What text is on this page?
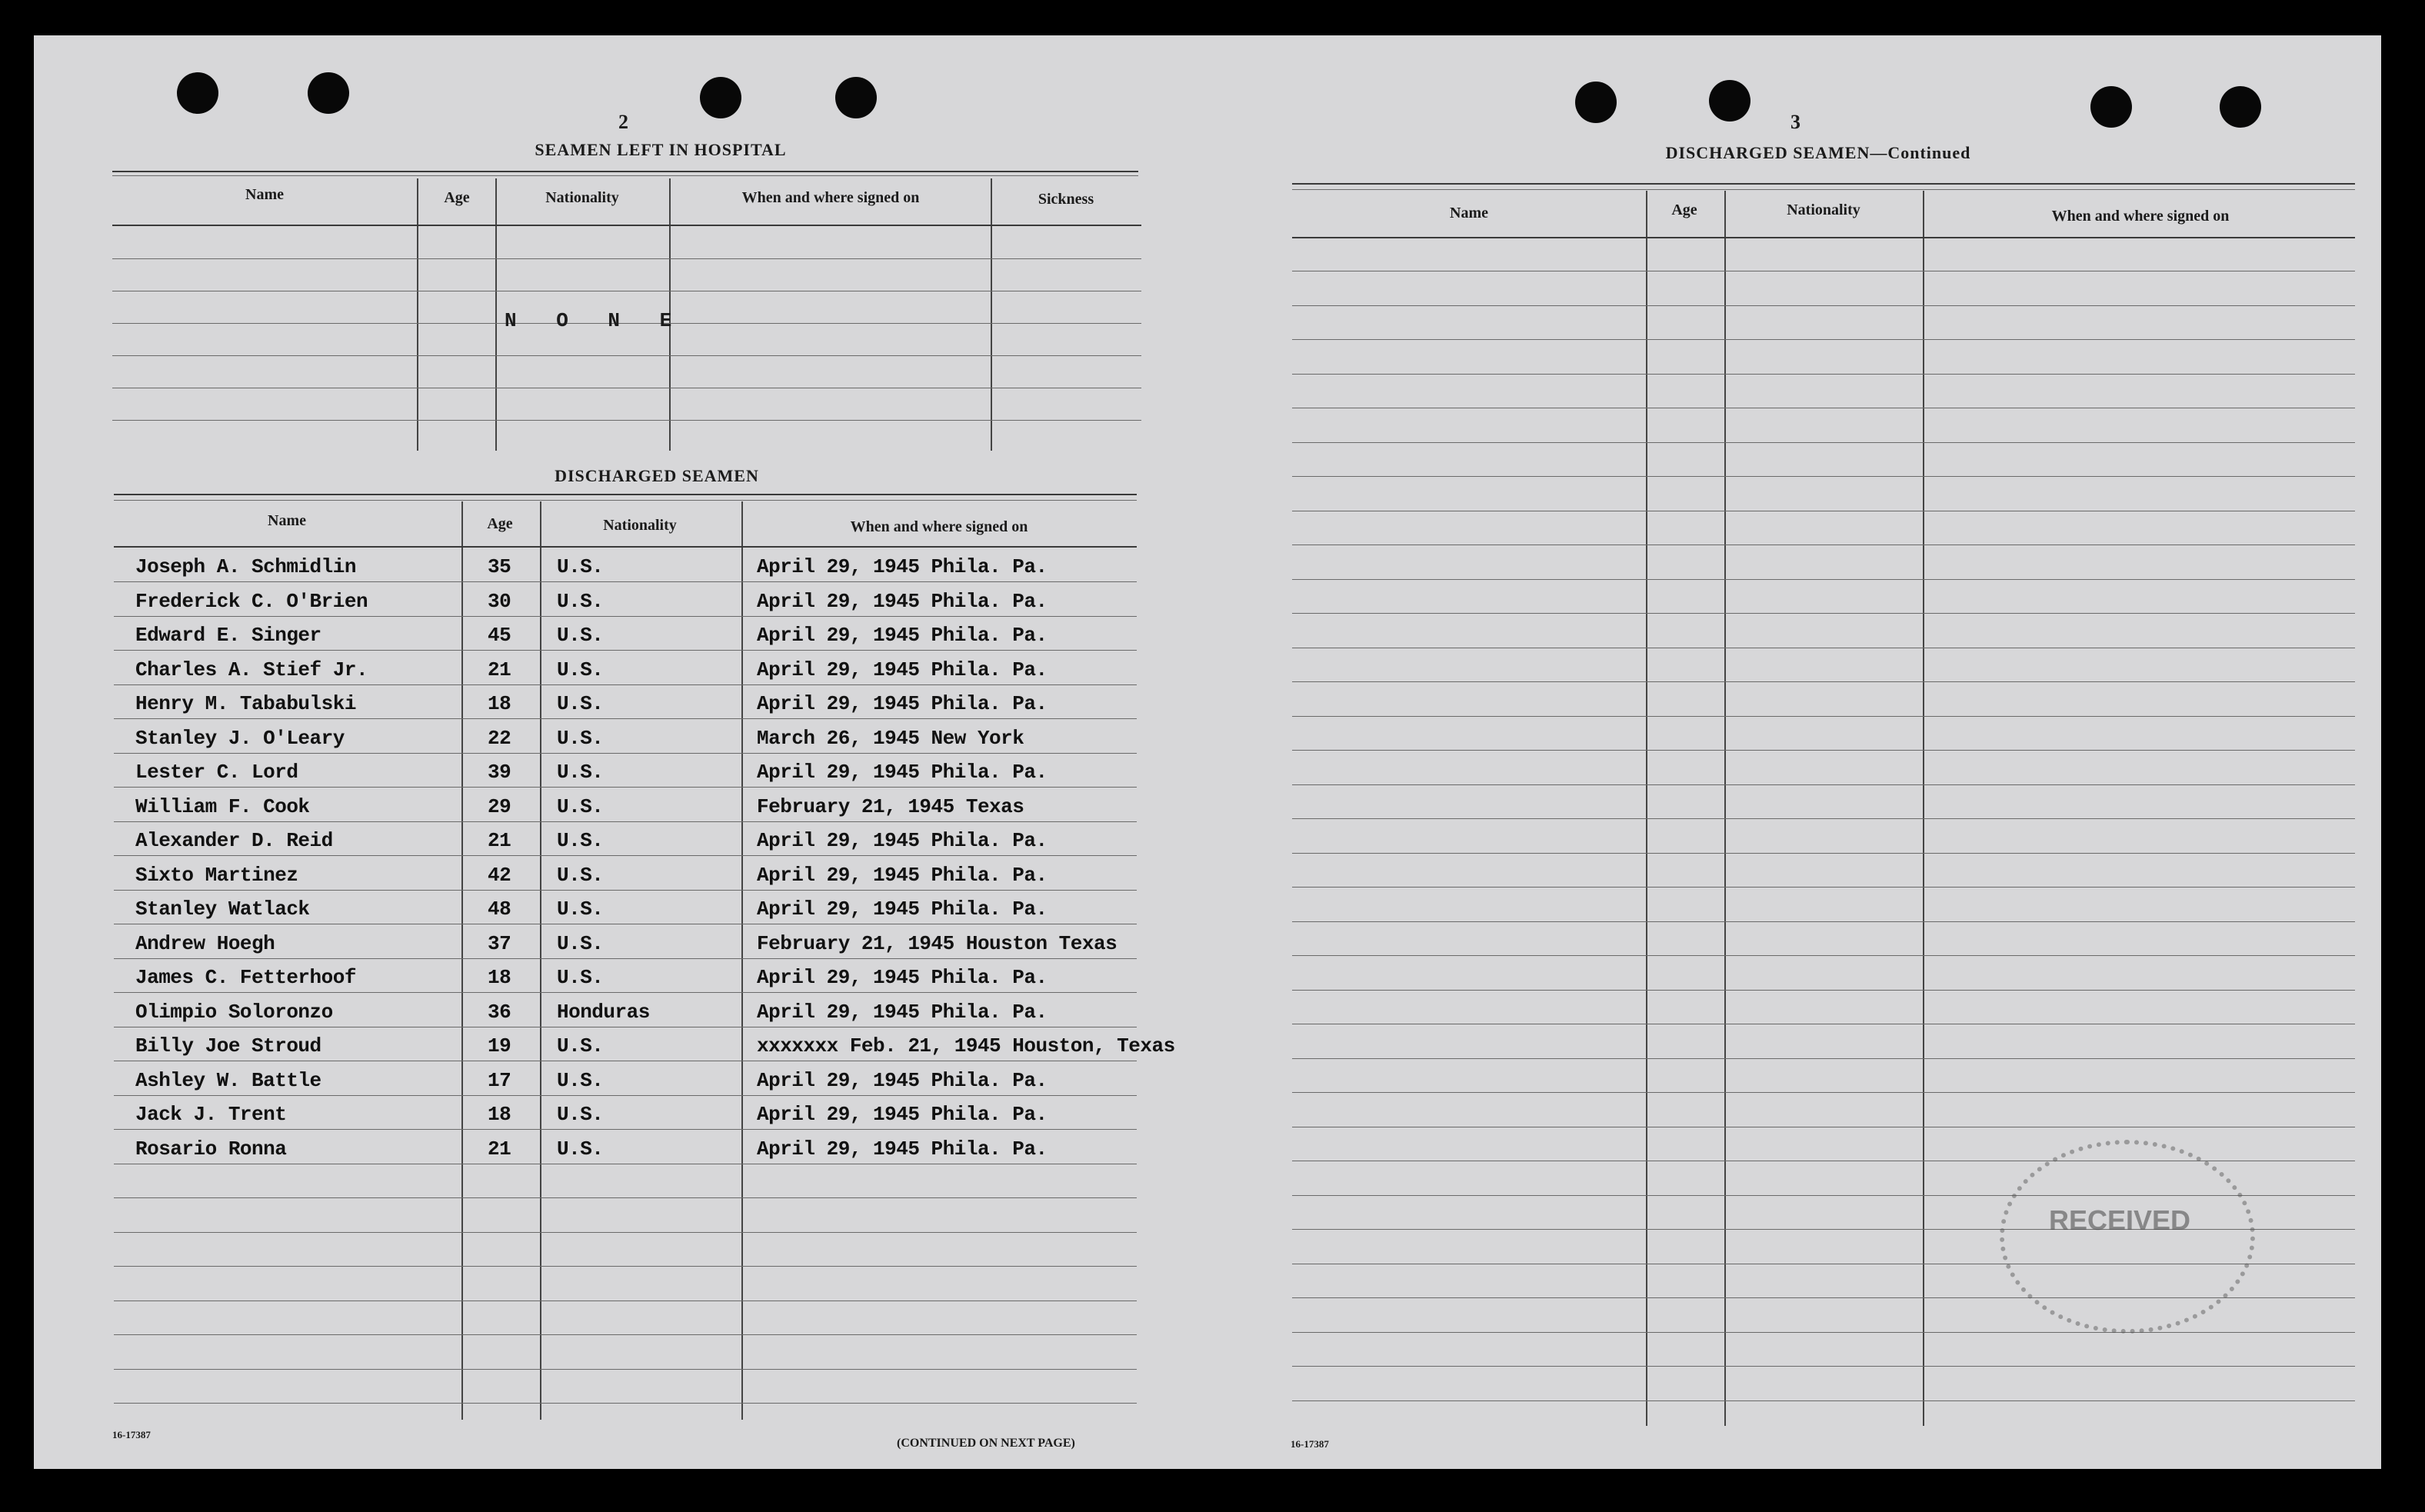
2
SEAMEN LEFT IN HOSPITAL
Name	Age	Nationality	When and where signed on	Sickness
N O N E
DISCHARGED SEAMEN
Name	Age	Nationality	When and where signed on
Joseph A. Schmidlin	35 U.S.	April 29, 1945 Phila. Pa.
Frederick C. O'Brien	30 U.S.	April 29, 1945 Phila. Pa.
Edward E. Singer	45 U.S.	April 29, 1945 Phila. Pa.
Charles A. Stief Jr.	21 U.S.	April 29, 1945 Phila. Pa.
Henry M. Tababulski	18 U.S.	April 29, 1945 Phila. Pa.
Stanley J. O'Leary	22 U.S.	March 26, 1945 New York
Lester C. Lord	39 U.S.	April 29, 1945 Phila. Pa.
William F. Cook	29 U.S.	February 21, 1945 Texas
Alexander D. Reid	21 U.S.	April 29, 1945 Phila. Pa.
Sixto Martinez	42 U.S.	April 29, 1945 Phila. Pa.
Stanley Watlack	48 U.S.	April 29, 1945 Phila. Pa.
Andrew Hoegh	37 U.S.	February 21, 1945 Houston Texas
James C. Fetterhoof	18 U.S.	April 29, 1945 Phila. Pa.
Olimpio Soloronzo	36 Honduras	April 29, 1945 Phila. Pa.
Billy Joe Stroud	19 U.S.	xxxxxxx Feb. 21, 1945 Houston, Texas
Ashley W. Battle	17 U.S.	April 29, 1945 Phila. Pa.
Jack J. Trent	18 U.S.	April 29, 1945 Phila. Pa.
Rosario Ronna	21 U.S.	April 29, 1945 Phila. Pa.
16-17387
(CONTINUED ON NEXT PAGE)
3
DISCHARGED SEAMEN—Continued
Name	Age	Nationality	When and where signed on
RECEIVED
16-17387
